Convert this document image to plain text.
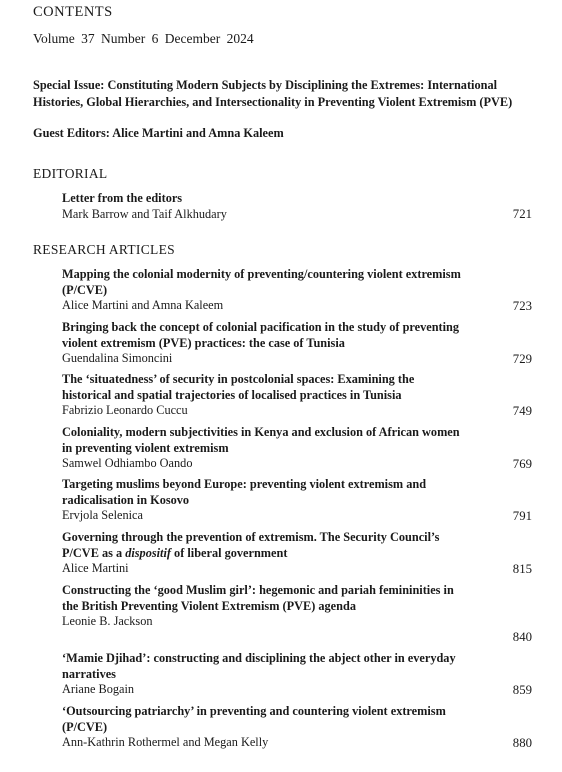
CONTENTS
Volume 37 Number 6 December 2024
Special Issue: Constituting Modern Subjects by Disciplining the Extremes: International Histories, Global Hierarchies, and Intersectionality in Preventing Violent Extremism (PVE)
Guest Editors: Alice Martini and Amna Kaleem
EDITORIAL
Letter from the editors
Mark Barrow and Taif Alkhudary	721
RESEARCH ARTICLES
Mapping the colonial modernity of preventing/countering violent extremism (P/CVE)
Alice Martini and Amna Kaleem	723
Bringing back the concept of colonial pacification in the study of preventing violent extremism (PVE) practices: the case of Tunisia
Guendalina Simoncini	729
The ‘situatedness’ of security in postcolonial spaces: Examining the historical and spatial trajectories of localised practices in Tunisia
Fabrizio Leonardo Cuccu	749
Coloniality, modern subjectivities in Kenya and exclusion of African women in preventing violent extremism
Samwel Odhiambo Oando	769
Targeting muslims beyond Europe: preventing violent extremism and radicalisation in Kosovo
Ervjola Selenica	791
Governing through the prevention of extremism. The Security Council’s P/CVE as a dispositif of liberal government
Alice Martini	815
Constructing the ‘good Muslim girl’: hegemonic and pariah femininities in the British Preventing Violent Extremism (PVE) agenda
Leonie B. Jackson
840
‘Mamie Djihad’: constructing and disciplining the abject other in everyday narratives
Ariane Bogain	859
‘Outsourcing patriarchy’ in preventing and countering violent extremism (P/CVE)
Ann-Kathrin Rothermel and Megan Kelly	880
